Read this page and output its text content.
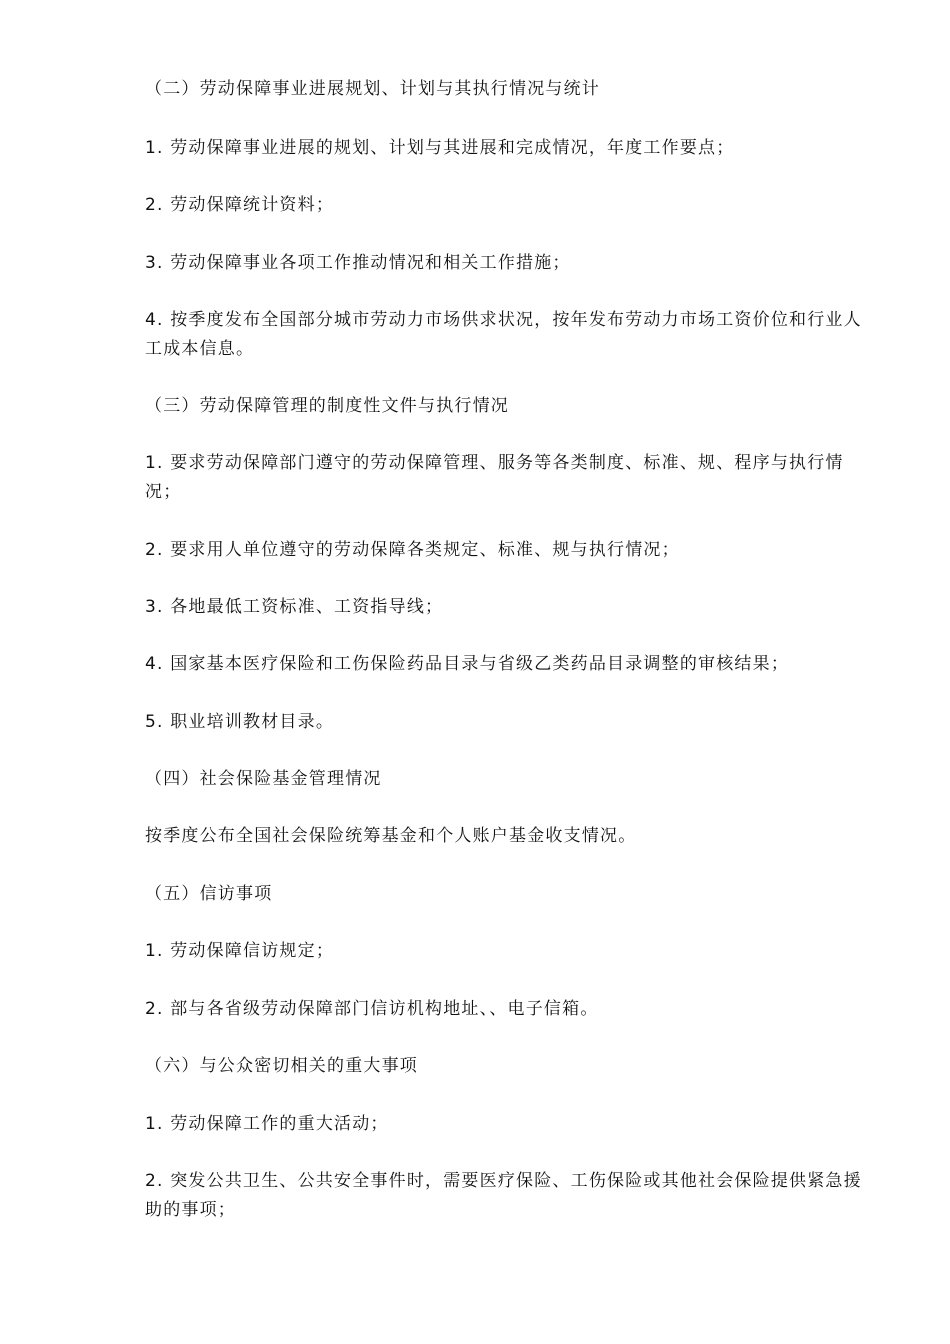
（二）劳动保障事业进展规划、计划与其执行情况与统计

1. 劳动保障事业进展的规划、计划与其进展和完成情况，年度工作要点；

2. 劳动保障统计资料；

3. 劳动保障事业各项工作推动情况和相关工作措施；

4. 按季度发布全国部分城市劳动力市场供求状况，按年发布劳动力市场工资价位和行业人工成本信息。

（三）劳动保障管理的制度性文件与执行情况

1. 要求劳动保障部门遵守的劳动保障管理、服务等各类制度、标准、规、程序与执行情况；

2. 要求用人单位遵守的劳动保障各类规定、标准、规与执行情况；

3. 各地最低工资标准、工资指导线；

4. 国家基本医疗保险和工伤保险药品目录与省级乙类药品目录调整的审核结果；

5. 职业培训教材目录。

（四）社会保险基金管理情况

按季度公布全国社会保险统筹基金和个人账户基金收支情况。

（五）信访事项

1. 劳动保障信访规定；

2. 部与各省级劳动保障部门信访机构地址、、电子信箱。

（六）与公众密切相关的重大事项

1. 劳动保障工作的重大活动；

2. 突发公共卫生、公共安全事件时，需要医疗保险、工伤保险或其他社会保险提供紧急援助的事项；
